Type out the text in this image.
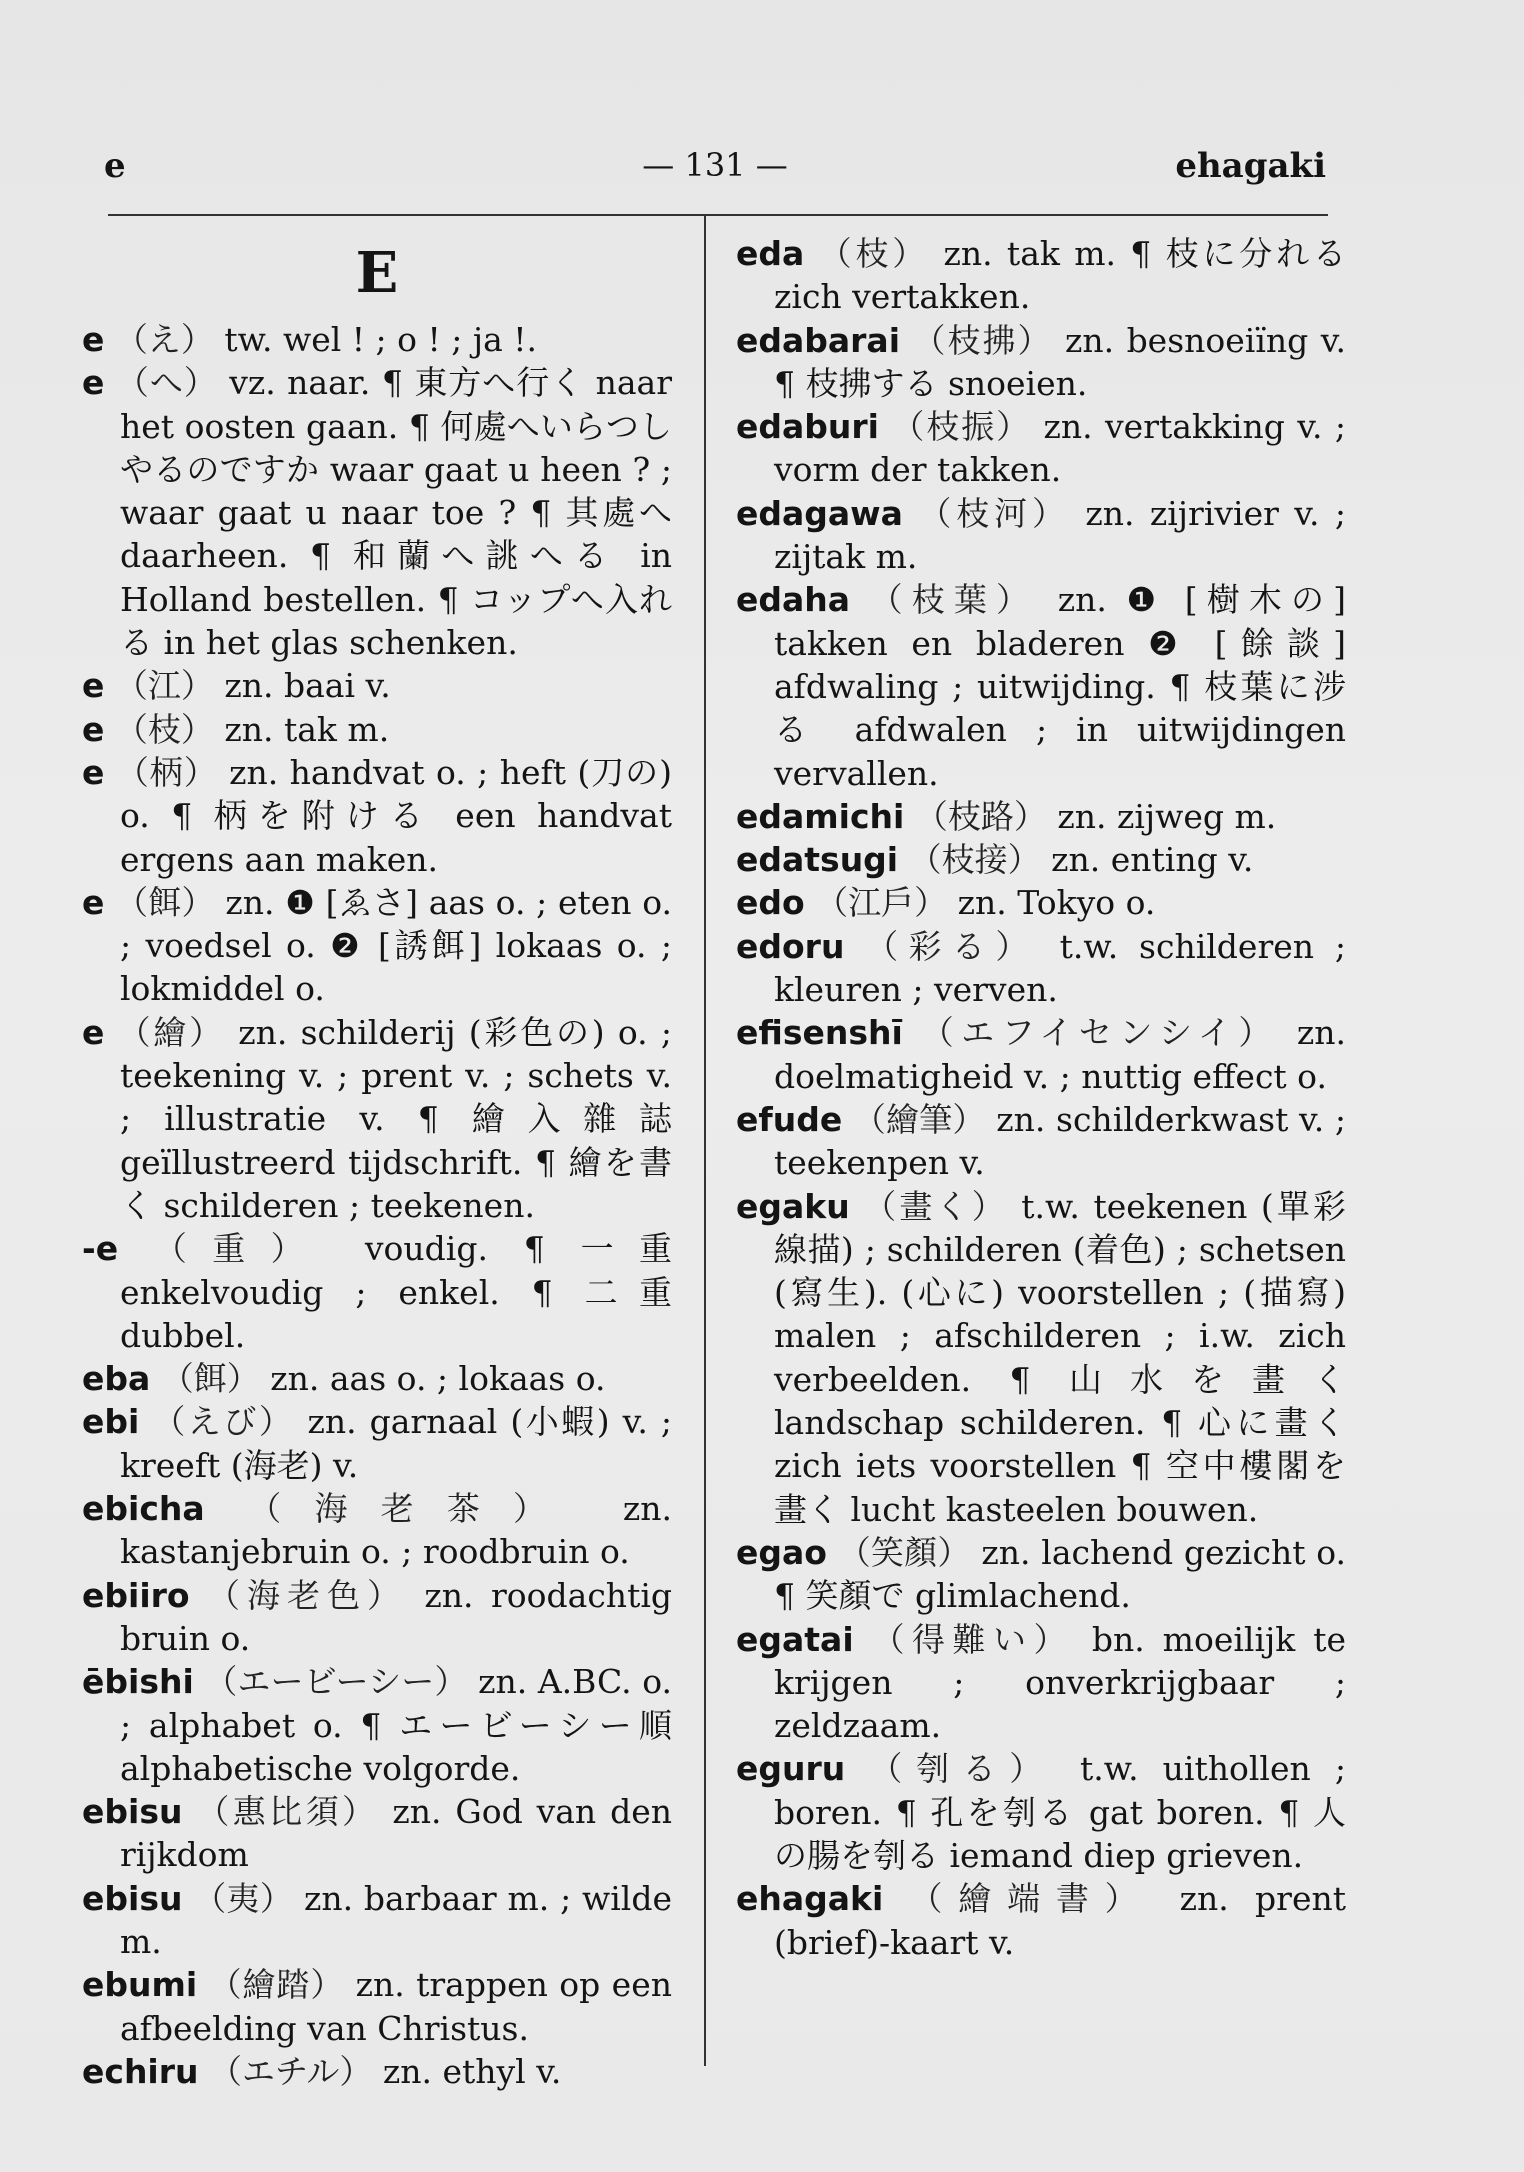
e	— 131 —	ehagaki
E

e （え） tw. wel ! ; o ! ; ja !.

e （へ） vz. naar. ¶ 東方へ行く naar het oosten gaan. ¶ 何處へいらつしやるのですか waar gaat u heen ? ; waar gaat u naar toe ? ¶ 其處へ daarheen. ¶ 和蘭へ誂へる in Holland bestellen. ¶ コップへ入れる in het glas schenken.

e （江） zn. baai v.

e （枝） zn. tak m.

e （柄） zn. handvat o. ; heft (刀の) o. ¶ 柄を附ける een handvat ergens aan maken.

e （餌） zn. ❶ [ゑさ] aas o. ; eten o. ; voedsel o. ❷ [誘餌] lokaas o. ; lokmiddel o.

e （繪） zn. schilderij (彩色の) o. ; teekening v. ; prent v. ; schets v. ; illustratie v. ¶ 繪入雜誌 geïllustreerd tijdschrift. ¶ 繪を書く schilderen ; teekenen.

-e （重） voudig. ¶ 一重 enkelvoudig ; enkel. ¶ 二重 dubbel.

eba （餌） zn. aas o. ; lokaas o.

ebi （えび） zn. garnaal (小蝦) v. ; kreeft (海老) v.

ebicha （海老茶） zn. kastanjebruin o. ; roodbruin o.

ebiiro （海老色） zn. roodachtig bruin o.

ēbishi （エービーシー） zn. A.BC. o. ; alphabet o. ¶ エービーシー順 alphabetische volgorde.

ebisu （惠比須） zn. God van den rijkdom

ebisu （夷） zn. barbaar m. ; wilde m.

ebumi （繪踏） zn. trappen op een afbeelding van Christus.

echiru （エチル） zn. ethyl v.

eda （枝） zn. tak m. ¶ 枝に分れる zich vertakken.

edabarai （枝拂） zn. besnoeiïng v. ¶ 枝拂する snoeien.

edaburi （枝振） zn. vertakking v. ; vorm der takken.

edagawa （枝河） zn. zijrivier v. ; zijtak m.

edaha （枝葉） zn. ❶ [樹木の] takken en bladeren ❷ [餘談] afdwaling ; uitwijding. ¶ 枝葉に涉る afdwalen ; in uitwijdingen vervallen.

edamichi （枝路） zn. zijweg m.

edatsugi （枝接） zn. enting v.

edo （江戶） zn. Tokyo o.

edoru （彩る） t.w. schilderen ; kleuren ; verven.

efisenshī （エフイセンシイ） zn. doelmatigheid v. ; nuttig effect o.

efude （繪筆） zn. schilderkwast v. ; teekenpen v.

egaku （畫く） t.w. teekenen (單彩線描) ; schilderen (着色) ; schetsen (寫生). (心に) voorstellen ; (描寫) malen ; afschilderen ; i.w. zich verbeelden. ¶ 山水を畫く landschap schilderen. ¶ 心に畫く zich iets voorstellen ¶ 空中樓閣を畫く lucht kasteelen bouwen.

egao （笑顏） zn. lachend gezicht o. ¶ 笑顏で glimlachend.

egatai （得難い） bn. moeilijk te krijgen ; onverkrijgbaar ; zeldzaam.

eguru （刳る） t.w. uithollen ; boren. ¶ 孔を刳る gat boren. ¶ 人の腸を刳る iemand diep grieven.

ehagaki （繪端書） zn. prent (brief)-kaart v.
